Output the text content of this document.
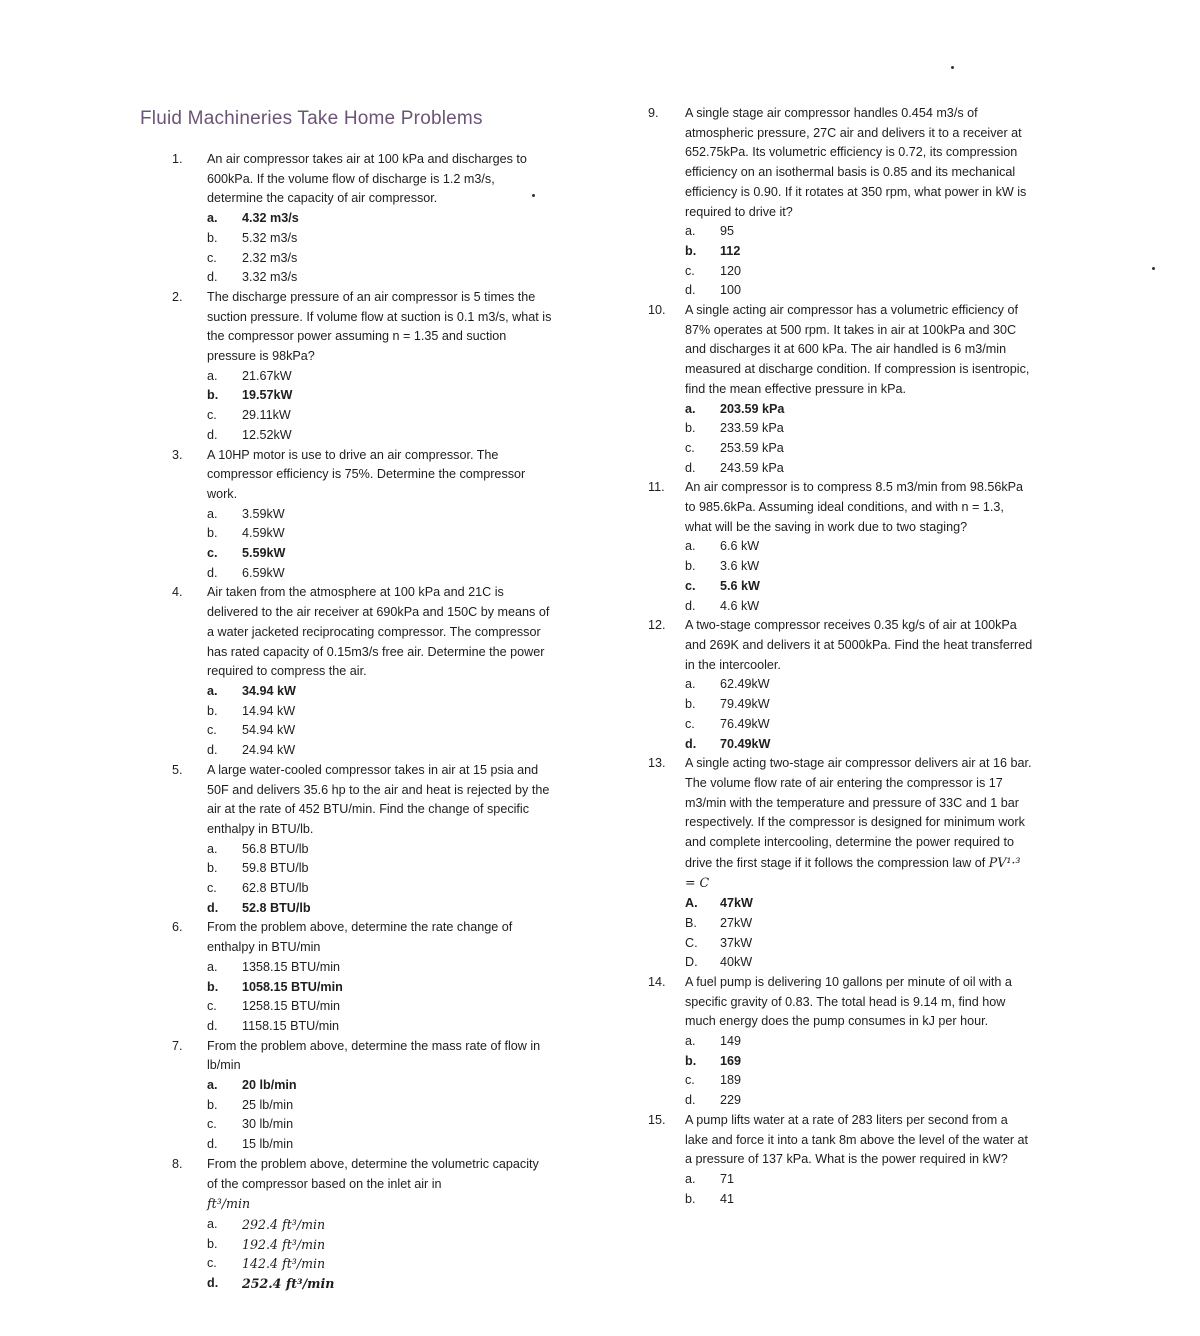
Fluid Machineries Take Home Problems
1.	An air compressor takes air at 100 kPa and discharges to 600kPa. If the volume flow of discharge is 1.2 m3/s, determine the capacity of air compressor.
a.	4.32 m3/s
b.	5.32 m3/s
c.	2.32 m3/s
d.	3.32 m3/s
2.	The discharge pressure of an air compressor is 5 times the suction pressure. If volume flow at suction is 0.1 m3/s, what is the compressor power assuming n = 1.35 and suction pressure is 98kPa?
a.	21.67kW
b.	19.57kW
c.	29.11kW
d.	12.52kW
3.	A 10HP motor is use to drive an air compressor. The compressor efficiency is 75%. Determine the compressor work.
a.	3.59kW
b.	4.59kW
c.	5.59kW
d.	6.59kW
4.	Air taken from the atmosphere at 100 kPa and 21C is delivered to the air receiver at 690kPa and 150C by means of a water jacketed reciprocating compressor. The compressor has rated capacity of 0.15m3/s free air. Determine the power required to compress the air.
a.	34.94 kW
b.	14.94 kW
c.	54.94 kW
d.	24.94 kW
5.	A large water-cooled compressor takes in air at 15 psia and 50F and delivers 35.6 hp to the air and heat is rejected by the air at the rate of 452 BTU/min. Find the change of specific enthalpy in BTU/lb.
a.	56.8 BTU/lb
b.	59.8 BTU/lb
c.	62.8 BTU/lb
d.	52.8 BTU/lb
6.	From the problem above, determine the rate change of enthalpy in BTU/min
a.	1358.15 BTU/min
b.	1058.15 BTU/min
c.	1258.15 BTU/min
d.	1158.15 BTU/min
7.	From the problem above, determine the mass rate of flow in lb/min
a.	20 lb/min
b.	25 lb/min
c.	30 lb/min
d.	15 lb/min
8.	From the problem above, determine the volumetric capacity of the compressor based on the inlet air in
ft³/min
a.	292.4 ft³/min
b.	192.4 ft³/min
c.	142.4 ft³/min
d.	252.4 ft³/min
9.	A single stage air compressor handles 0.454 m3/s of atmospheric pressure, 27C air and delivers it to a receiver at 652.75kPa. Its volumetric efficiency is 0.72, its compression efficiency on an isothermal basis is 0.85 and its mechanical efficiency is 0.90. If it rotates at 350 rpm, what power in kW is required to drive it?
a.	95
b.	112
c.	120
d.	100
10.	A single acting air compressor has a volumetric efficiency of 87% operates at 500 rpm. It takes in air at 100kPa and 30C and discharges it at 600 kPa. The air handled is 6 m3/min measured at discharge condition. If compression is isentropic, find the mean effective pressure in kPa.
a.	203.59 kPa
b.	233.59 kPa
c.	253.59 kPa
d.	243.59 kPa
11.	An air compressor is to compress 8.5 m3/min from 98.56kPa to 985.6kPa. Assuming ideal conditions, and with n = 1.3, what will be the saving in work due to two staging?
a.	6.6 kW
b.	3.6 kW
c.	5.6 kW
d.	4.6 kW
12.	A two-stage compressor receives 0.35 kg/s of air at 100kPa and 269K and delivers it at 5000kPa. Find the heat transferred in the intercooler.
a.	62.49kW
b.	79.49kW
c.	76.49kW
d.	70.49kW
13.	A single acting two-stage air compressor delivers air at 16 bar. The volume flow rate of air entering the compressor is 17 m3/min with the temperature and pressure of 33C and 1 bar respectively. If the compressor is designed for minimum work and complete intercooling, determine the power required to drive the first stage if it follows the compression law of PV¹·³ = C
A.	47kW
B.	27kW
C.	37kW
D.	40kW
14.	A fuel pump is delivering 10 gallons per minute of oil with a specific gravity of 0.83. The total head is 9.14 m, find how much energy does the pump consumes in kJ per hour.
a.	149
b.	169
c.	189
d.	229
15.	A pump lifts water at a rate of 283 liters per second from a lake and force it into a tank 8m above the level of the water at a pressure of 137 kPa. What is the power required in kW?
a.	71
b.	41
